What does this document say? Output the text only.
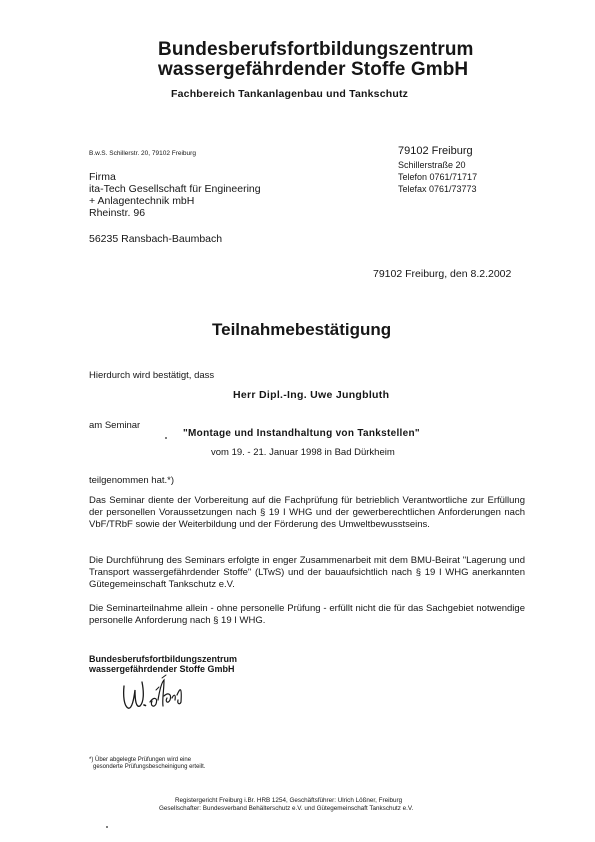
Bundesberufsfortbildungszentrum
wassergefährdender Stoffe GmbH
Fachbereich Tankanlagenbau und Tankschutz
B.w.S. Schillerstr. 20, 79102 Freiburg
Firma
ita-Tech Gesellschaft für Engineering
+ Anlagentechnik mbH
Rheinstr. 96
56235 Ransbach-Baumbach
79102 Freiburg
Schillerstraße 20
Telefon 0761/71717
Telefax 0761/73773
79102 Freiburg, den 8.2.2002
Teilnahmebestätigung
Hierdurch wird bestätigt, dass
Herr Dipl.-Ing. Uwe Jungbluth
am Seminar
"Montage und Instandhaltung von Tankstellen"
vom 19. - 21. Januar 1998 in Bad Dürkheim
teilgenommen hat.*)
Das Seminar diente der Vorbereitung auf die Fachprüfung für betrieblich Verantwortliche zur Erfüllung der personellen Voraussetzungen nach § 19 I WHG und der gewerberechtlichen Anforderungen nach VbF/TRbF sowie der Weiterbildung und der Förderung des Umweltbewusstseins.
Die Durchführung des Seminars erfolgte in enger Zusammenarbeit mit dem BMU-Beirat "Lagerung und Transport wassergefährdender Stoffe" (LTwS) und der bauaufsichtlich nach § 19 I WHG anerkannten Gütegemeinschaft Tankschutz e.V.
Die Seminarteilnahme allein - ohne personelle Prüfung - erfüllt nicht die für das Sachgebiet notwendige personelle Anforderung nach § 19 I WHG.
Bundesberufsfortbildungszentrum
wassergefährdender Stoffe GmbH
*) Über abgelegte Prüfungen wird eine
gesonderte Prüfungsbescheinigung erteilt.
Registergericht Freiburg i.Br. HRB 1254, Geschäftsführer: Ulrich Lößner, Freiburg
Gesellschafter: Bundesverband Behälterschutz e.V. und Gütegemeinschaft Tankschutz e.V.
